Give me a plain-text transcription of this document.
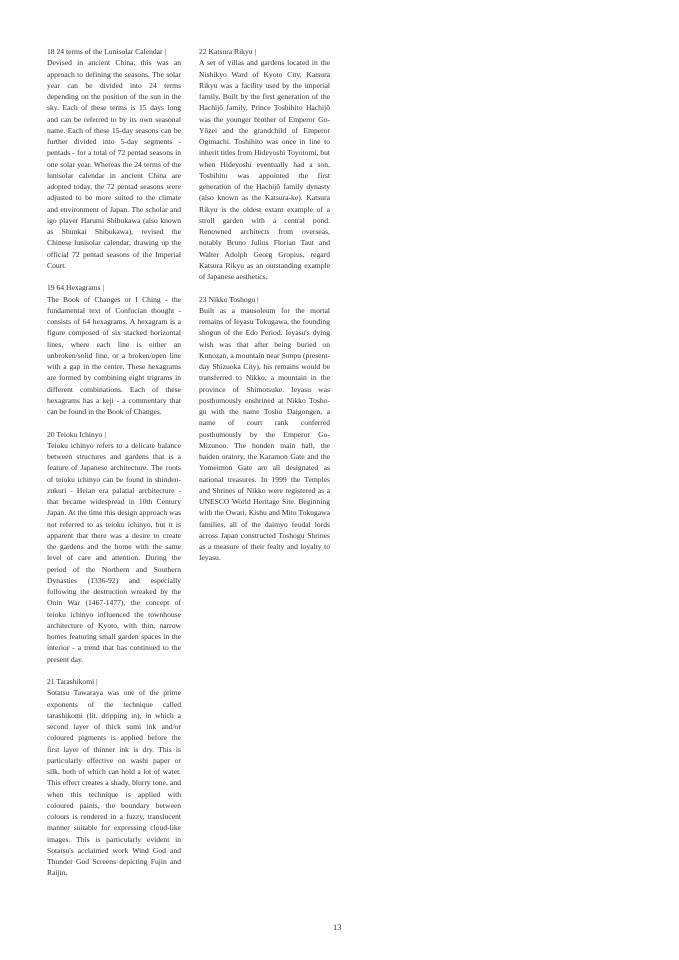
18 24 terms of the Lunisolar Calendar |
Devised in ancient China, this was an approach to defining the seasons. The solar year can be divided into 24 terms depending on the position of the sun in the sky. Each of these terms is 15 days long and can be referred to by its own seasonal name. Each of these 15-day seasons can be further divided into 5-day segments - pentads - for a total of 72 pentad seasons in one solar year. Whereas the 24 terms of the lunisolar calendar in ancient China are adopted today, the 72 pentad seasons were adjusted to be more suited to the climate and environment of Japan. The scholar and igo player Harumi Shibukawa (also known as Shunkai Shibukawa), revised the Chinese lunisolar calendar, drawing up the official 72 pentad seasons of the Imperial Court.
19 64 Hexagrams |
The Book of Changes or I Ching - the fundamental text of Confucian thought - consists of 64 hexagrams. A hexagram is a figure composed of six stacked horizontal lines, where each line is either an unbroken/solid line, or a broken/open line with a gap in the centre. These hexagrams are formed by combining eight trigrams in different combinations. Each of these hexagrams has a keji - a commentary that can be found in the Book of Changes.
20 Teioku Ichinyo |
Teioku ichinyo refers to a delicate balance between structures and gardens that is a feature of Japanese architecture. The roots of teioku ichinyo can be found in shinden-zukuri - Heian era palatial architecture - that became widespread in 10th Century Japan. At the time this design approach was not referred to as teioku ichinyo, but it is apparent that there was a desire to create the gardens and the home with the same level of care and attention. During the period of the Northern and Southern Dynasties (1336-92) and especially following the destruction wreaked by the Onin War (1467-1477), the concept of teioku ichinyo influenced the townhouse architecture of Kyoto, with thin, narrow homes featuring small garden spaces in the interior - a trend that has continued to the present day.
21 Tarashikomi |
Sotatsu Tawaraya was one of the prime exponents of the technique called tarashikomi (lit. dripping in), in which a second layer of thick sumi ink and/or coloured pigments is applied before the first layer of thinner ink is dry. This is particularly effective on washi paper or silk, both of which can hold a lot of water. This effect creates a shady, blurry tone, and when this technique is applied with coloured paints, the boundary between colours is rendered in a fuzzy, translucent manner suitable for expressing cloud-like images. This is particularly evident in Sotatsu's acclaimed work Wind God and Thunder God Screens depicting Fujin and Raijin.
22 Katsura Rikyu |
A set of villas and gardens located in the Nishikyo Ward of Kyoto City, Katsura Rikyu was a facility used by the imperial family. Built by the first generation of the Hachijō family, Prince Toshihito Hachijō was the younger brother of Emperor Go-Yōzei and the grandchild of Emperor Ogimachi. Toshihito was once in line to inherit titles from Hideyoshi Toyotomi, but when Hideyoshi eventually had a son, Toshihito was appointed the first generation of the Hachijō family dynasty (also known as the Katsura-ke). Katsura Rikyu is the oldest extant example of a stroll garden with a central pond. Renowned architects from overseas, notably Bruno Julius Florian Taut and Walter Adolph Georg Gropius, regard Katsura Rikyu as an outstanding example of Japanese aesthetics.
23 Nikko Toshogu |
Built as a mausoleum for the mortal remains of Ieyasu Tokugawa, the founding shogun of the Edo Period. Ieyasu's dying wish was that after being buried on Kunozan, a mountain near Sunpu (present-day Shizuoka City), his remains would be transferred to Nikko, a mountain in the province of Shimotsuke. Ieyasu was posthumously enshrined at Nikko Tosho-gu with the name Tosho Daigongen, a name of court rank conferred posthumously by the Emperor Go-Mizunoo. The honden main hall, the haiden oratory, the Karamon Gate and the Yomeimon Gate are all designated as national treasures. In 1999 the Temples and Shrines of Nikko were registered as a UNESCO World Heritage Site. Beginning with the Owari, Kishu and Mito Tokugawa families, all of the daimyo feudal lords across Japan constructed Toshogu Shrines as a measure of their fealty and loyalty to Ieyasu.
13
